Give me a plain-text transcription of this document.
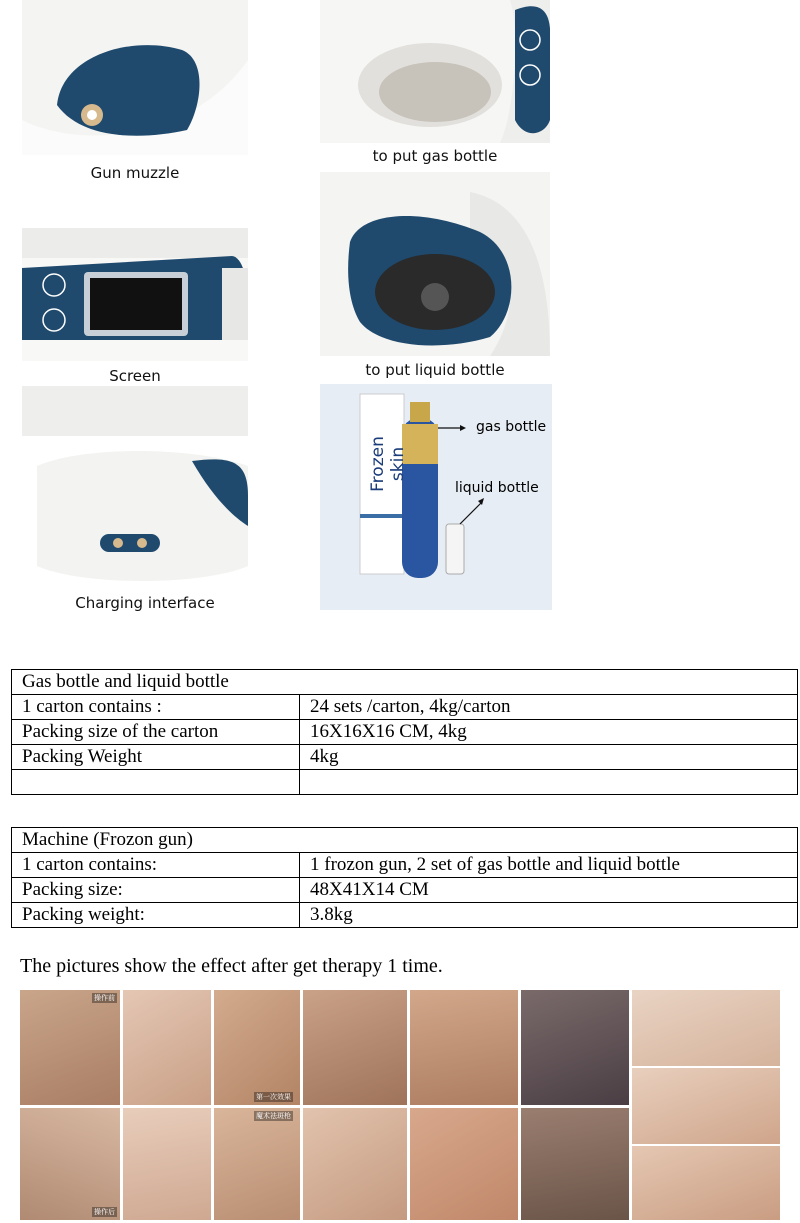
Gun muzzle
to put gas bottle
Screen	to put liquid bottle
Charging interface
Frozen skin
gas bottle
liquid bottle
Gas bottle and liquid bottle	
1 carton contains :	24 sets /carton, 4kg/carton
Packing size of the carton	16X16X16 CM, 4kg
Packing Weight	4kg

Machine (Frozon gun)	
1 carton contains:	1 frozon gun, 2 set of gas bottle and liquid bottle
Packing size:	48X41X14 CM
Packing weight:	3.8kg
The pictures show the effect after get therapy 1 time.
操作前
操作后
第一次效果
魔术祛斑枪
